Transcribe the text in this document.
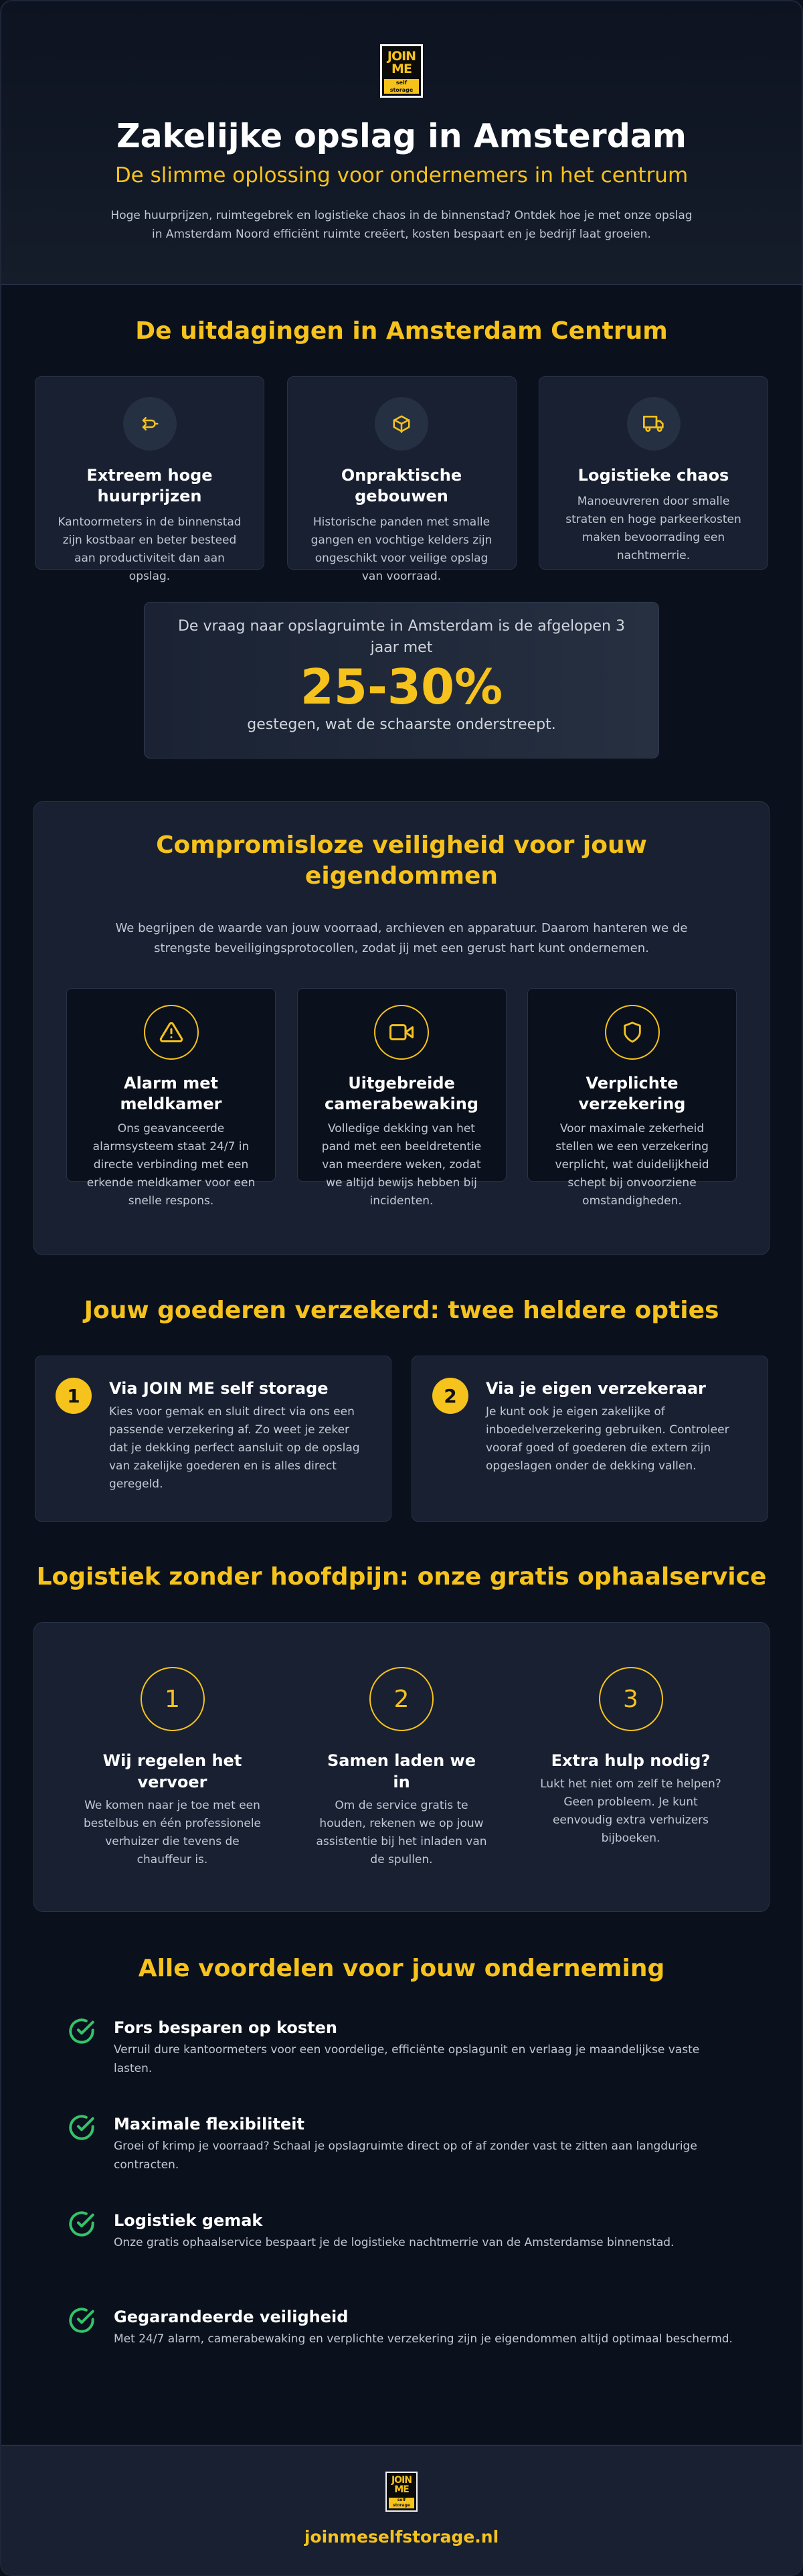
JOIN ME
self storage
Zakelijke opslag in Amsterdam
De slimme oplossing voor ondernemers in het centrum

Hoge huurprijzen, ruimtegebrek en logistieke chaos in de binnenstad? Ontdek hoe je met onze opslag in Amsterdam Noord efficiënt ruimte creëert, kosten bespaart en je bedrijf laat groeien.

De uitdagingen in Amsterdam Centrum
Extreem hoge huurprijzen

Kantoormeters in de binnenstad zijn kostbaar en beter besteed aan productiviteit dan aan opslag.

Onpraktische gebouwen

Historische panden met smalle gangen en vochtige kelders zijn ongeschikt voor veilige opslag van voorraad.

Logistieke chaos

Manoeuvreren door smalle straten en hoge parkeerkosten maken bevoorrading een nachtmerrie.

De vraag naar opslagruimte in Amsterdam is de afgelopen 3 jaar met
25-30%
gestegen, wat de schaarste onderstreept.
Compromisloze veiligheid voor jouw eigendommen

We begrijpen de waarde van jouw voorraad, archieven en apparatuur. Daarom hanteren we de strengste beveiligingsprotocollen, zodat jij met een gerust hart kunt ondernemen.

Alarm met meldkamer

Ons geavanceerde alarmsysteem staat 24/7 in directe verbinding met een erkende meldkamer voor een snelle respons.

Uitgebreide camerabewaking

Volledige dekking van het pand met een beeldretentie van meerdere weken, zodat we altijd bewijs hebben bij incidenten.

Verplichte verzekering

Voor maximale zekerheid stellen we een verzekering verplicht, wat duidelijkheid schept bij onvoorziene omstandigheden.

Jouw goederen verzekerd: twee heldere opties
1	Via JOIN ME self storage

Kies voor gemak en sluit direct via ons een passende verzekering af. Zo weet je zeker dat je dekking perfect aansluit op de opslag van zakelijke goederen en is alles direct geregeld.

2	Via je eigen verzekeraar

Je kunt ook je eigen zakelijke of inboedelverzekering gebruiken. Controleer vooraf goed of goederen die extern zijn opgeslagen onder de dekking vallen.

Logistiek zonder hoofdpijn: onze gratis ophaalservice
1
Wij regelen het vervoer

We komen naar je toe met een bestelbus en één professionele verhuizer die tevens de chauffeur is.

2
Samen laden we in

Om de service gratis te houden, rekenen we op jouw assistentie bij het inladen van de spullen.

3
Extra hulp nodig?

Lukt het niet om zelf te helpen? Geen probleem. Je kunt eenvoudig extra verhuizers bijboeken.

Alle voordelen voor jouw onderneming
Fors besparen op kosten

Verruil dure kantoormeters voor een voordelige, efficiënte opslagunit en verlaag je maandelijkse vaste lasten.

Maximale flexibiliteit

Groei of krimp je voorraad? Schaal je opslagruimte direct op of af zonder vast te zitten aan langdurige contracten.

Logistiek gemak

Onze gratis ophaalservice bespaart je de logistieke nachtmerrie van de Amsterdamse binnenstad.

Gegarandeerde veiligheid

Met 24/7 alarm, camerabewaking en verplichte verzekering zijn je eigendommen altijd optimaal beschermd.

JOIN ME
self storage
joinmeselfstorage.nl
